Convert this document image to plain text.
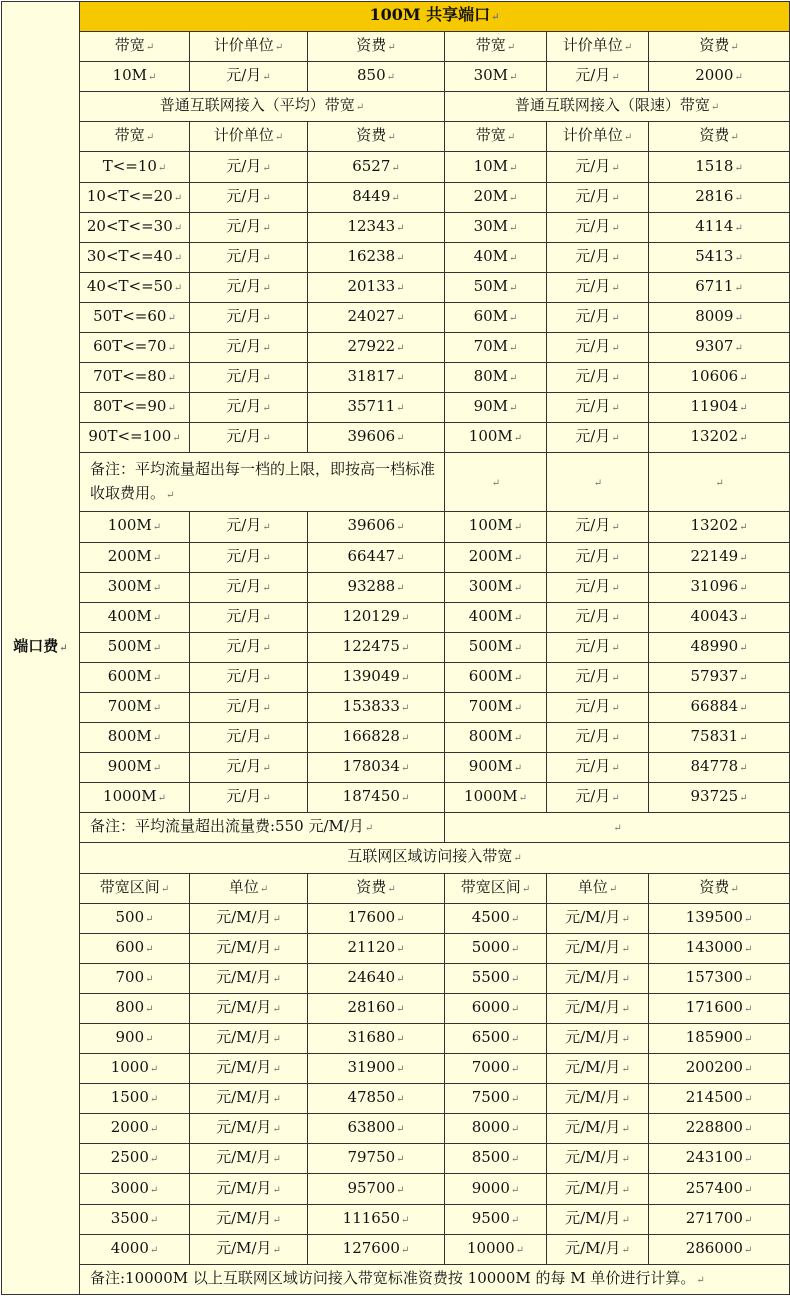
端口费↵	100M 共享端口↵					
	带宽↵	计价单位↵	资费↵	带宽↵	计价单位↵	资费↵
	10M↵	元/月↵	850↵	30M↵	元/月↵	2000↵
	普通互联网接入（平均）带宽↵			普通互联网接入（限速）带宽↵		
	带宽↵	计价单位↵	资费↵	带宽↵	计价单位↵	资费↵
	T<=10↵	元/月↵	6527↵	10M↵	元/月↵	1518↵
	10<T<=20↵	元/月↵	8449↵	20M↵	元/月↵	2816↵
	20<T<=30↵	元/月↵	12343↵	30M↵	元/月↵	4114↵
	30<T<=40↵	元/月↵	16238↵	40M↵	元/月↵	5413↵
	40<T<=50↵	元/月↵	20133↵	50M↵	元/月↵	6711↵
	50T<=60↵	元/月↵	24027↵	60M↵	元/月↵	8009↵
	60T<=70↵	元/月↵	27922↵	70M↵	元/月↵	9307↵
	70T<=80↵	元/月↵	31817↵	80M↵	元/月↵	10606↵
	80T<=90↵	元/月↵	35711↵	90M↵	元/月↵	11904↵
	90T<=100↵	元/月↵	39606↵	100M↵	元/月↵	13202↵
	备注：平均流量超出每一档的上限，即按高一档标准收取费用。↵			↵	↵	↵
	100M↵	元/月↵	39606↵	100M↵	元/月↵	13202↵
	200M↵	元/月↵	66447↵	200M↵	元/月↵	22149↵
	300M↵	元/月↵	93288↵	300M↵	元/月↵	31096↵
	400M↵	元/月↵	120129↵	400M↵	元/月↵	40043↵
	500M↵	元/月↵	122475↵	500M↵	元/月↵	48990↵
	600M↵	元/月↵	139049↵	600M↵	元/月↵	57937↵
	700M↵	元/月↵	153833↵	700M↵	元/月↵	66884↵
	800M↵	元/月↵	166828↵	800M↵	元/月↵	75831↵
	900M↵	元/月↵	178034↵	900M↵	元/月↵	84778↵
	1000M↵	元/月↵	187450↵	1000M↵	元/月↵	93725↵
	备注：平均流量超出流量费:550 元/M/月↵			↵		
	互联网区域访问接入带宽↵					
	带宽区间↵	单位↵	资费↵	带宽区间↵	单位↵	资费↵
	500↵	元/M/月↵	17600↵	4500↵	元/M/月↵	139500↵
	600↵	元/M/月↵	21120↵	5000↵	元/M/月↵	143000↵
	700↵	元/M/月↵	24640↵	5500↵	元/M/月↵	157300↵
	800↵	元/M/月↵	28160↵	6000↵	元/M/月↵	171600↵
	900↵	元/M/月↵	31680↵	6500↵	元/M/月↵	185900↵
	1000↵	元/M/月↵	31900↵	7000↵	元/M/月↵	200200↵
	1500↵	元/M/月↵	47850↵	7500↵	元/M/月↵	214500↵
	2000↵	元/M/月↵	63800↵	8000↵	元/M/月↵	228800↵
	2500↵	元/M/月↵	79750↵	8500↵	元/M/月↵	243100↵
	3000↵	元/M/月↵	95700↵	9000↵	元/M/月↵	257400↵
	3500↵	元/M/月↵	111650↵	9500↵	元/M/月↵	271700↵
	4000↵	元/M/月↵	127600↵	10000↵	元/M/月↵	286000↵
	备注:10000M 以上互联网区域访问接入带宽标准资费按 10000M 的每 M 单价进行计算。↵					
